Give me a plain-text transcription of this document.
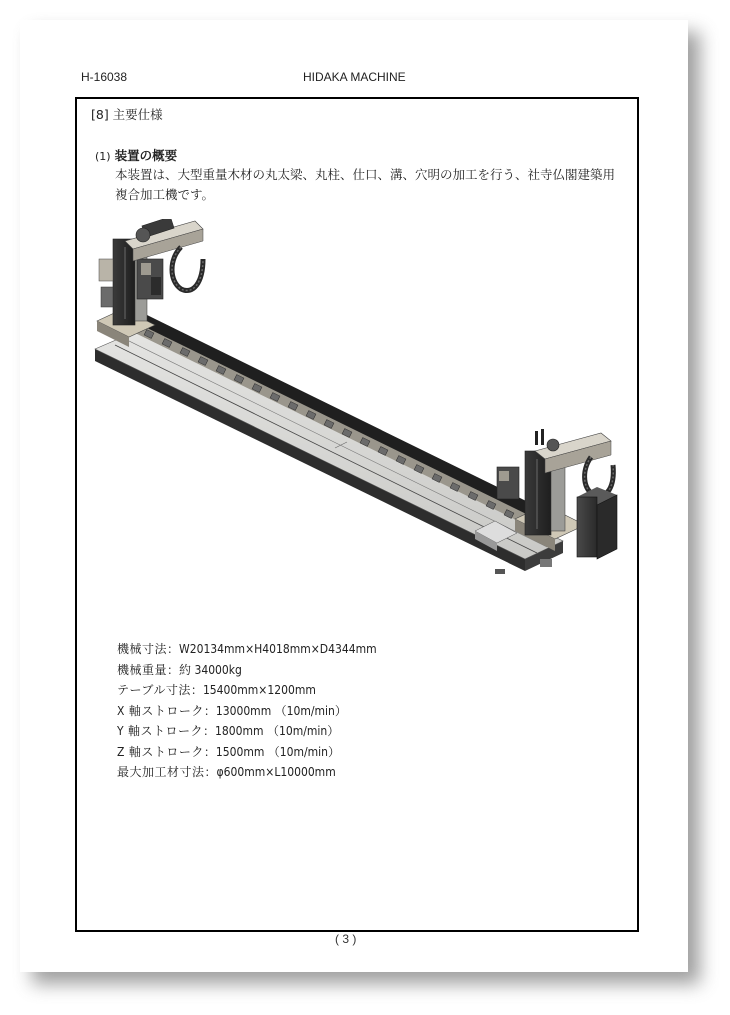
H-16038	HIDAKA MACHINE
[8] 主要仕様
(1) 装置の概要
本装置は、大型重量木材の丸太梁、丸柱、仕口、溝、穴明の加工を行う、社寺仏閣建築用複合加工機です。
機械寸法：W20134mm×H4018mm×D4344mm
機械重量：約 34000kg
テーブル寸法：15400mm×1200mm
X 軸ストローク：13000mm （10m/min）
Y 軸ストローク：1800mm （10m/min）
Z 軸ストローク：1500mm （10m/min）
最大加工材寸法：φ600mm×L10000mm
( 3 )
